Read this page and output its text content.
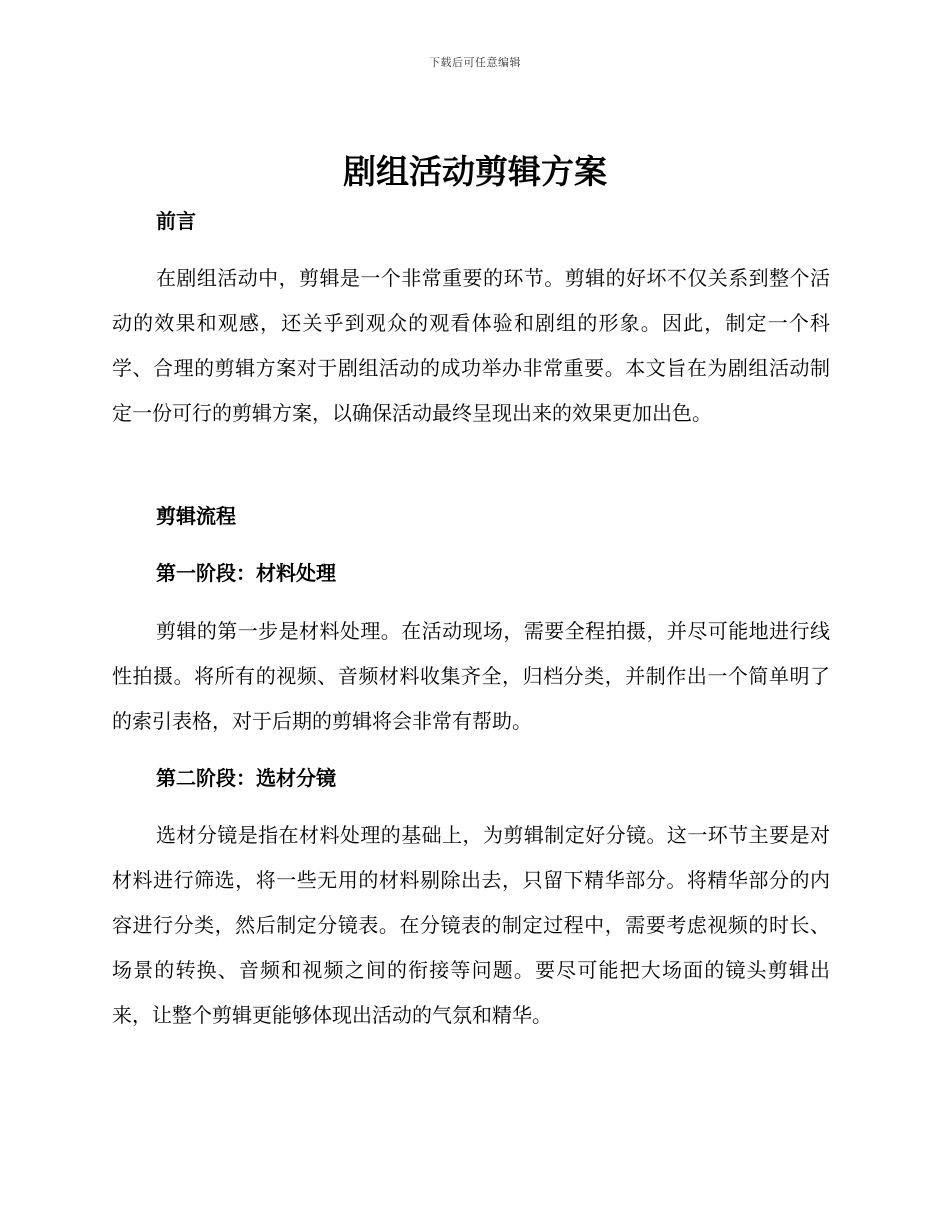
下载后可任意编辑
剧组活动剪辑方案
前言

在剧组活动中，剪辑是一个非常重要的环节。剪辑的好坏不仅关系到整个活动的效果和观感，还关乎到观众的观看体验和剧组的形象。因此，制定一个科学、合理的剪辑方案对于剧组活动的成功举办非常重要。本文旨在为剧组活动制定一份可行的剪辑方案，以确保活动最终呈现出来的效果更加出色。

剪辑流程
第一阶段：材料处理

剪辑的第一步是材料处理。在活动现场，需要全程拍摄，并尽可能地进行线性拍摄。将所有的视频、音频材料收集齐全，归档分类，并制作出一个简单明了的索引表格，对于后期的剪辑将会非常有帮助。

第二阶段：选材分镜

选材分镜是指在材料处理的基础上，为剪辑制定好分镜。这一环节主要是对材料进行筛选，将一些无用的材料剔除出去，只留下精华部分。将精华部分的内容进行分类，然后制定分镜表。在分镜表的制定过程中，需要考虑视频的时长、场景的转换、音频和视频之间的衔接等问题。要尽可能把大场面的镜头剪辑出来，让整个剪辑更能够体现出活动的气氛和精华。
